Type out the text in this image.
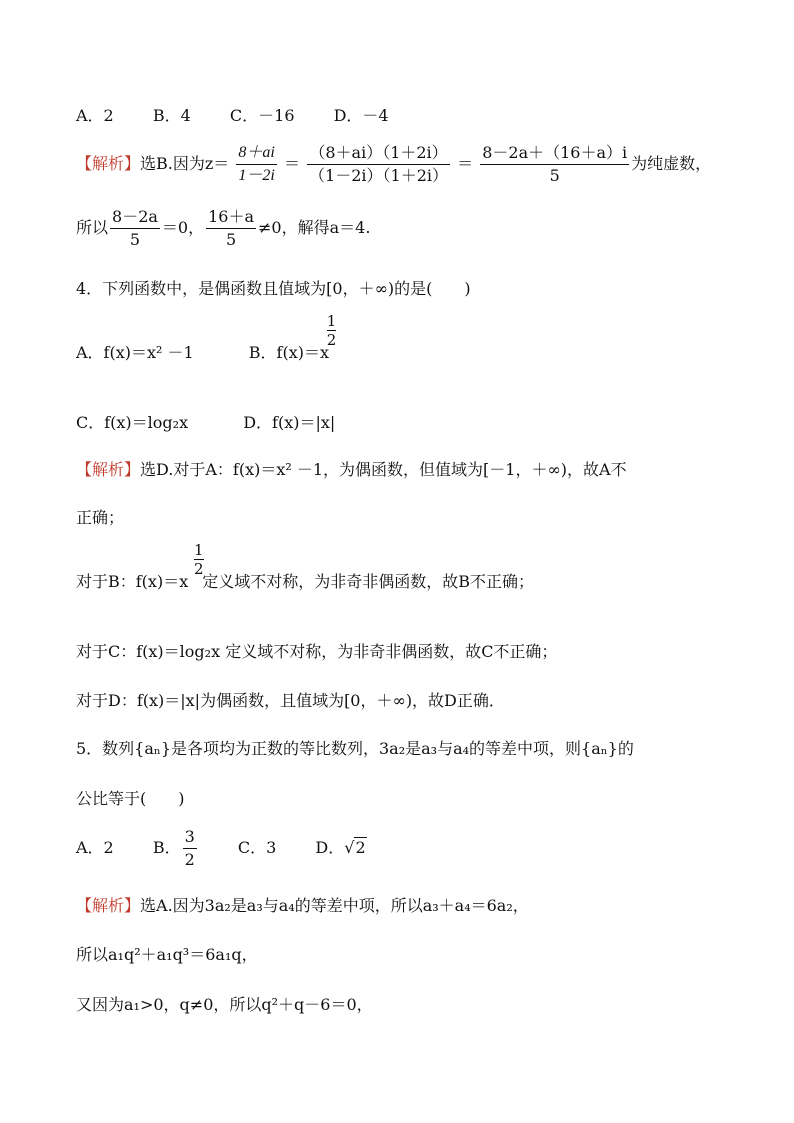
A．2 B．4 C．－16 D．－4
【解析】选B.因为$z= \frac{8+ai}{1-2i} = \frac{(8+ai)(1+2i)}{(1-2i)(1+2i)} = \frac{8-2a+(16+a)i}{5}$ 为纯虚数，
所以 $\frac{8-2a}{5} =0$， $\frac{16+a}{5} \ne 0$，解得a＝4.
4．下列函数中，是偶函数且值域为[0，＋∞)的是(　　)
A．f(x)＝x² －1	B．f(x)＝x
$\frac{1}{2}$
C．f(x)＝log₂x	D．f(x)＝|x|
【解析】选D.对于A：f(x)＝x² －1，为偶函数，但值域为[－1，＋∞)，故A不
正确；
对于B：f(x)＝x
$\frac{1}{2}$
定义域不对称，为非奇非偶函数，故B不正确；
对于C：f(x)＝log₂x 定义域不对称，为非奇非偶函数，故C不正确；
对于D：f(x)＝|x|为偶函数，且值域为[0，＋∞)，故D正确．
5．数列{aₙ}是各项均为正数的等比数列，3a₂是a₃与a₄的等差中项，则{aₙ}的
公比等于(　　)
A．2 B． $\frac{3}{2}$	C．3 D．√2
【解析】选A.因为3a₂是a₃与a₄的等差中项，所以a₃＋a₄＝6a₂，
所以a₁q²＋a₁q³＝6a₁q，
又因为a₁>0，q≠0，所以q²＋q－6＝0，
